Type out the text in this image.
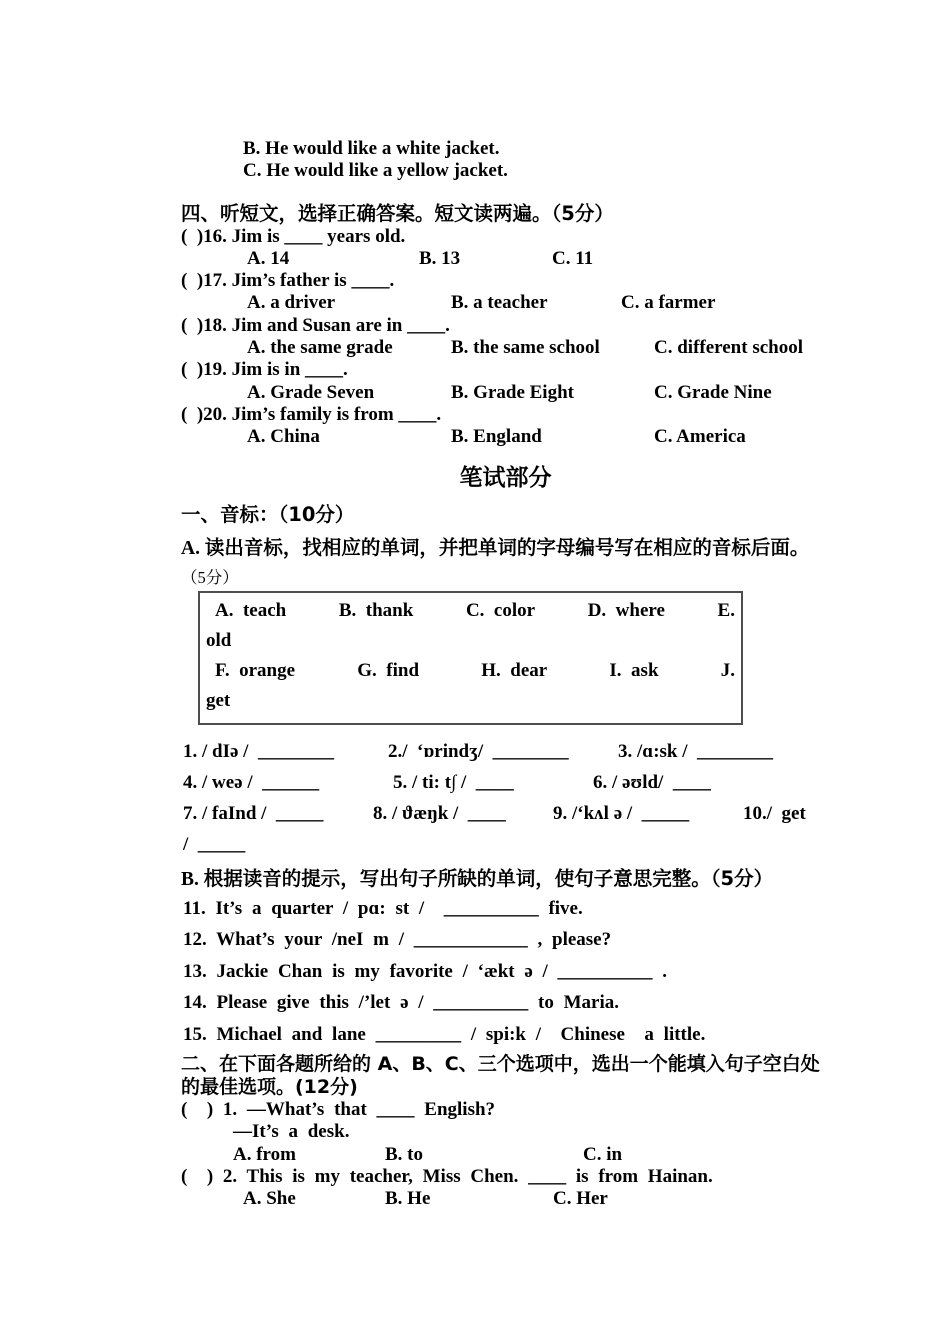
B. He would like a white jacket.
C. He would like a yellow jacket.
四、听短文，选择正确答案。短文读两遍。（5分）
(  )16. Jim is ____ years old.
A. 14	B. 13	C. 11
(  )17. Jim’s father is ____.
A. a driver	B. a teacher	C. a farmer
(  )18. Jim and Susan are in ____.
A. the same grade	B. the same school	C. different school
(  )19. Jim is in ____.
A. Grade Seven	B. Grade Eight	C. Grade Nine
(  )20. Jim’s family is from ____.
A. China	B. England	C. America
笔试部分
一、音标：（10分）
A. 读出音标，找相应的单词，并把单词的字母编号写在相应的音标后面。
（5分）
A.  teach	B.  thank	C.  color	D.  where	E.
old
F.  orange	G.  find	H.  dear	I.  ask	J.
get
1. / dIə /  ________	2./  ‘ɒrindʒ/  ________	3. /ɑ:sk /  ________
4. / weə /  ______	5. / ti: t∫ /  ____	6. / əʊld/  ____
7. / faInd /  _____	8. / ϑæŋk /  ____	9. /‘kʌl ə /  _____	10./  get
/  _____
B. 根据读音的提示，写出句子所缺的单词，使句子意思完整。（5分）
11. It’s a quarter / pɑ: st /  __________ five.
12. What’s your /neI m / ____________ , please?
13. Jackie Chan is my favorite / ‘ækt ə / __________ .
14. Please give this /’let ə / __________ to Maria.
15. Michael and lane _________ / spi:k /  Chinese  a little.
二、在下面各题所给的 A、B、C、三个选项中，选出一个能填入句子空白处
的最佳选项。(12分)
(  ) 1. —What’s that ____ English?
—It’s a desk.
A. from	B. to	C. in
(  ) 2. This is my teacher, Miss Chen. ____ is from Hainan.
A. She	B. He	C. Her
